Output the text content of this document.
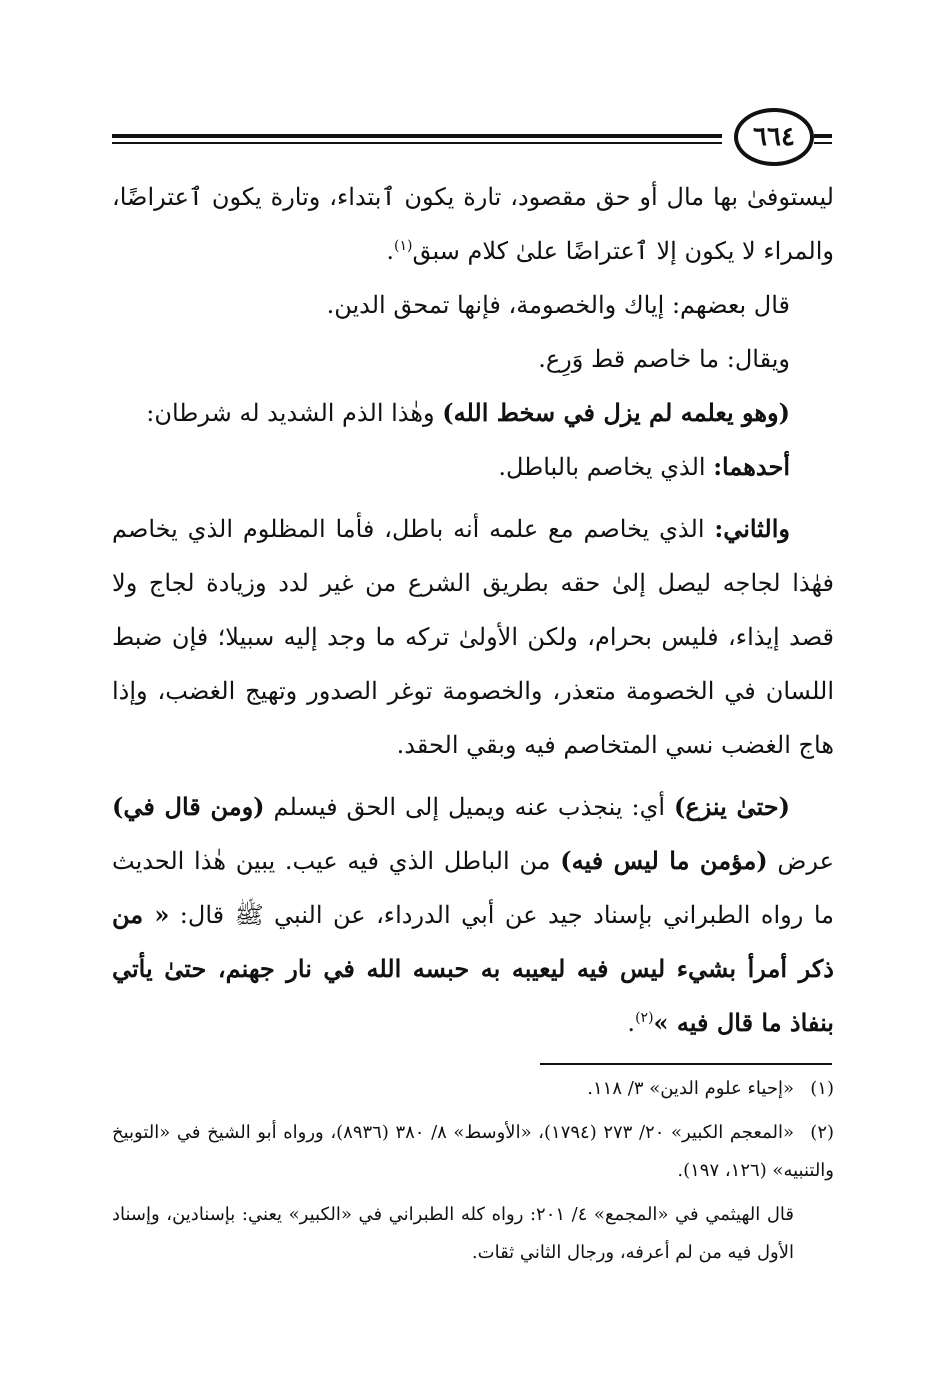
٦٦٤

ليستوفىٰ بها مال أو حق مقصود، تارة يكون ٱبتداء، وتارة يكون ٱعتراضًا، والمراء لا يكون إلا ٱعتراضًا علىٰ كلام سبق$^{(١)}$.

قال بعضهم: إياك والخصومة، فإنها تمحق الدين.

ويقال: ما خاصم قط وَرِع.

(وهو يعلمه لم يزل في سخط الله) وهٰذا الذم الشديد له شرطان:

أحدهما: الذي يخاصم بالباطل.

والثاني: الذي يخاصم مع علمه أنه باطل، فأما المظلوم الذي يخاصم فهٰذا لجاجه ليصل إلىٰ حقه بطريق الشرع من غير لدد وزيادة لجاج ولا قصد إيذاء، فليس بحرام، ولكن الأولىٰ تركه ما وجد إليه سبيلا؛ فإن ضبط اللسان في الخصومة متعذر، والخصومة توغر الصدور وتهيج الغضب، وإذا هاج الغضب نسي المتخاصم فيه وبقي الحقد.

(حتىٰ ينزع) أي: ينجذب عنه ويميل إلى الحق فيسلم (ومن قال في) عرض (مؤمن ما ليس فيه) من الباطل الذي فيه عيب. يبين هٰذا الحديث ما رواه الطبراني بإسناد جيد عن أبي الدرداء، عن النبي ﷺ قال: « من ذكر أمرأ بشيء ليس فيه ليعيبه به حبسه الله في نار جهنم، حتىٰ يأتي بنفاذ ما قال فيه »$^{(٢)}$.

(١)«إحياء علوم الدين» ٣/ ١١٨.

(٢)«المعجم الكبير» ٢٠/ ٢٧٣ (١٧٩٤)، «الأوسط» ٨/ ٣٨٠ (٨٩٣٦)، ورواه أبو الشيخ في «التوبيخ والتنبيه» (١٢٦، ١٩٧).

قال الهيثمي في «المجمع» ٤/ ٢٠١: رواه كله الطبراني في «الكبير» يعني: بإسنادين، وإسناد الأول فيه من لم أعرفه، ورجال الثاني ثقات.
